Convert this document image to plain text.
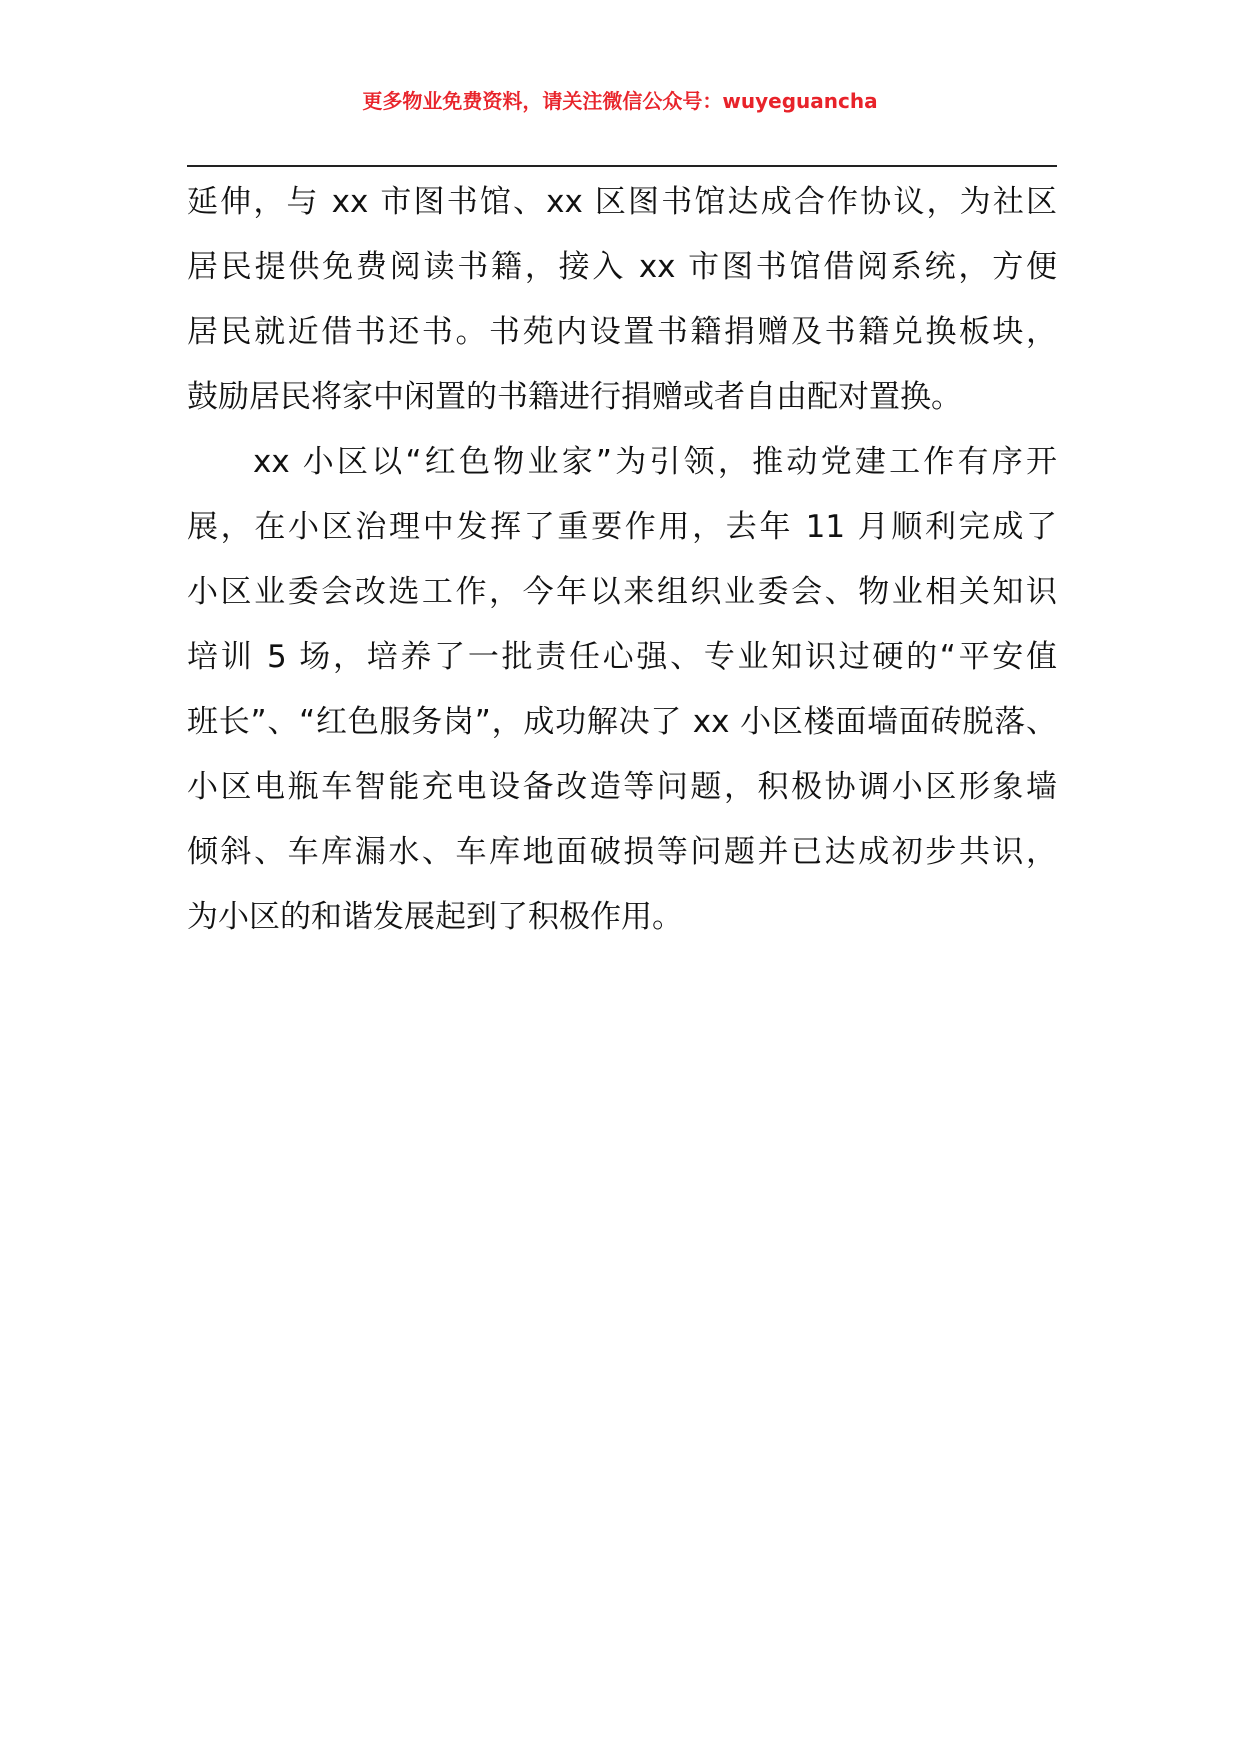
更多物业免费资料，请关注微信公众号：wuyeguancha
延伸，与 xx 市图书馆、xx 区图书馆达成合作协议，为社区
居民提供免费阅读书籍，接入 xx 市图书馆借阅系统，方便
居民就近借书还书。书苑内设置书籍捐赠及书籍兑换板块，
鼓励居民将家中闲置的书籍进行捐赠或者自由配对置换。
xx 小区以“红色物业家”为引领，推动党建工作有序开
展，在小区治理中发挥了重要作用，去年 11 月顺利完成了
小区业委会改选工作，今年以来组织业委会、物业相关知识
培训 5 场，培养了一批责任心强、专业知识过硬的“平安值
班长”、“红色服务岗”，成功解决了 xx 小区楼面墙面砖脱落、
小区电瓶车智能充电设备改造等问题，积极协调小区形象墙
倾斜、车库漏水、车库地面破损等问题并已达成初步共识，
为小区的和谐发展起到了积极作用。
